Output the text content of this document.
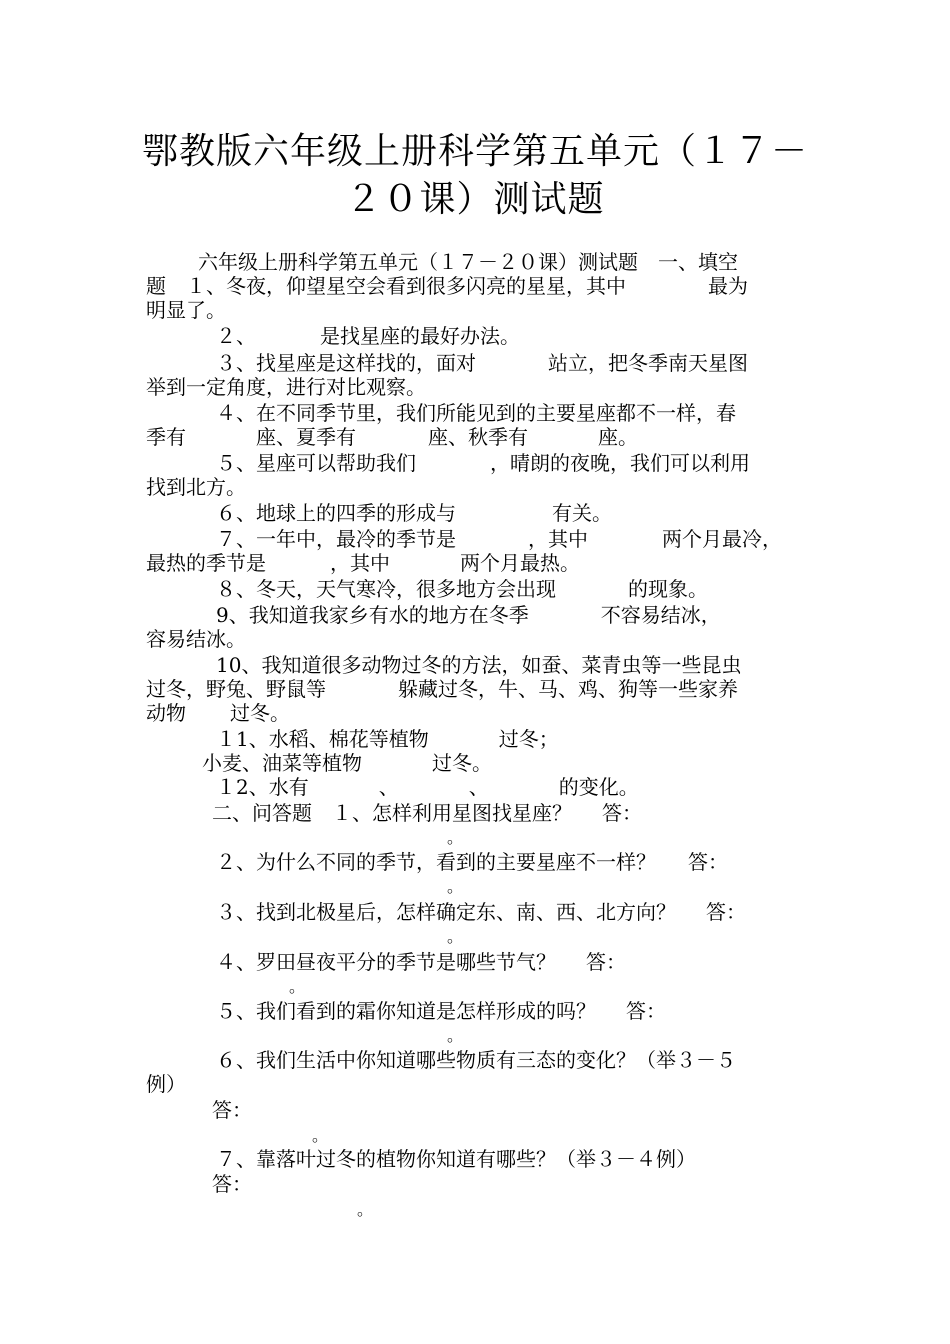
鄂教版六年级上册科学第五单元（１７－
２０课）测试题
六年级上册科学第五单元（１７－２０课）测试题　一、填空
题　１、冬夜，仰望星空会看到很多闪亮的星星，其中	最为
明显了。
２、	是找星座的最好办法。
３、找星座是这样找的，面对	站立，把冬季南天星图
举到一定角度，进行对比观察。
４、在不同季节里，我们所能见到的主要星座都不一样，春
季有	座、夏季有	座、秋季有	座。
５、星座可以帮助我们	，晴朗的夜晚，我们可以利用
找到北方。
６、地球上的四季的形成与	有关。
７、一年中，最冷的季节是	，其中	两个月最冷，
最热的季节是	，其中	两个月最热。
８、冬天，天气寒冷，很多地方会出现	的现象。
9、我知道我家乡有水的地方在冬季	不容易结冰，
容易结冰。
10、我知道很多动物过冬的方法，如蚕、菜青虫等一些昆虫
过冬，野兔、野鼠等	躲藏过冬，牛、马、鸡、狗等一些家养
动物 过冬。
１1、水稻、棉花等植物	过冬；
小麦、油菜等植物	过冬。
１2、水有	、	、	的变化。
二、问答题　１、怎样利用星图找星座？ 答：
。
２、为什么不同的季节，看到的主要星座不一样？ 答：
。
３、找到北极星后，怎样确定东、南、西、北方向？ 答：
。
４、罗田昼夜平分的季节是哪些节气？ 答：
。
５、我们看到的霜你知道是怎样形成的吗？ 答：
。
６、我们生活中你知道哪些物质有三态的变化？（举３－５
例）
答：
。
７、靠落叶过冬的植物你知道有哪些？（举３－４例）
答：
。
